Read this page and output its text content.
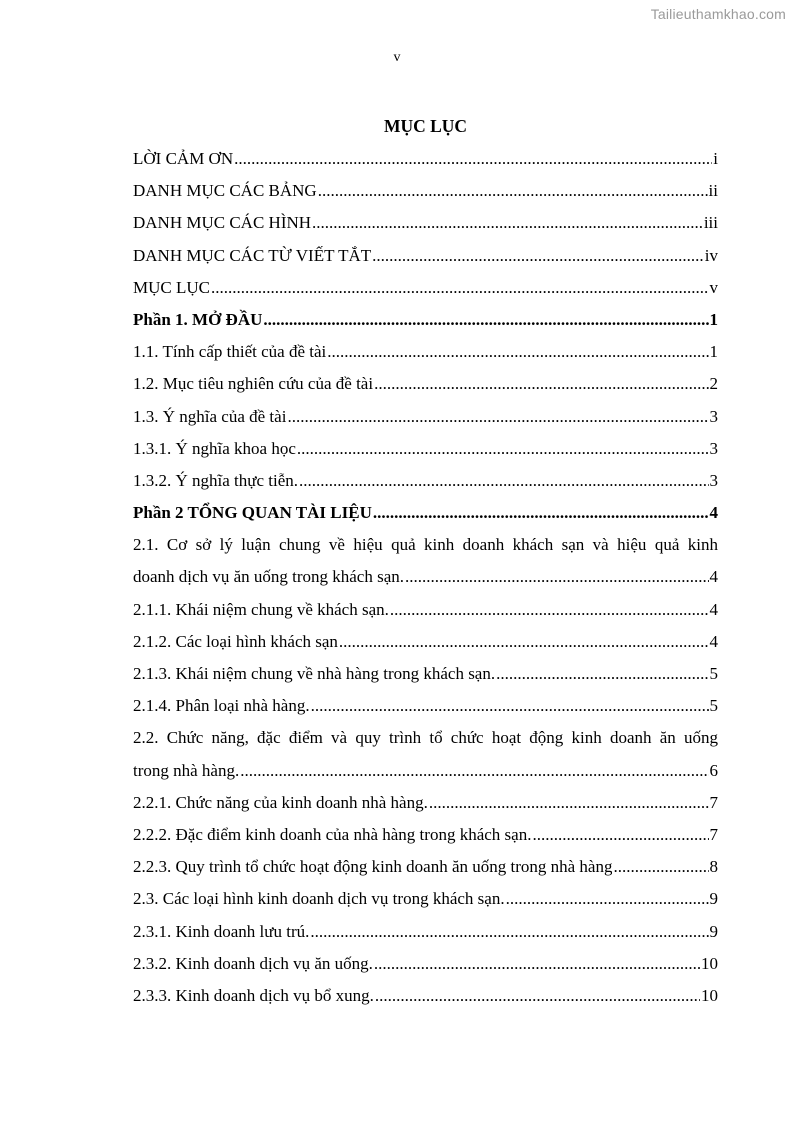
Tailieuthamkhao.com
v
MỤC LỤC
LỜI CẢM ƠN .....	i
DANH MỤC CÁC BẢNG .....	ii
DANH MỤC CÁC HÌNH .....	iii
DANH MỤC CÁC TỪ VIẾT TẮT .....	iv
MỤC LỤC .....	v
Phần 1. MỞ ĐẦU .....	1
1.1. Tính cấp thiết của đề tài .....	1
1.2. Mục tiêu nghiên cứu của đề tài .....	2
1.3. Ý nghĩa của đề tài .....	3
1.3.1. Ý nghĩa khoa học .....	3
1.3.2. Ý nghĩa thực tiễn. .....	3
Phần 2 TỔNG QUAN TÀI LIỆU .....	4
2.1. Cơ sở lý luận chung về hiệu quả kinh doanh khách sạn và hiệu quả kinh
doanh dịch vụ ăn uống trong khách sạn. .....	4
2.1.1. Khái niệm chung về khách sạn. .....	4
2.1.2. Các loại hình khách sạn .....	4
2.1.3. Khái niệm chung về nhà hàng trong khách sạn. .....	5
2.1.4. Phân loại nhà hàng. .....	5
2.2. Chức năng, đặc điểm và quy trình tổ chức hoạt động kinh doanh ăn uống
trong nhà hàng. .....	6
2.2.1. Chức năng của kinh doanh nhà hàng. .....	7
2.2.2. Đặc điểm kinh doanh của nhà hàng trong khách sạn. .....	7
2.2.3. Quy trình tổ chức hoạt động kinh doanh ăn uống trong nhà hàng .....	8
2.3. Các loại hình kinh doanh dịch vụ trong khách sạn. .....	9
2.3.1. Kinh doanh lưu trú. .....	9
2.3.2. Kinh doanh dịch vụ ăn uống. .....	10
2.3.3. Kinh doanh dịch vụ bổ xung. .....	10
